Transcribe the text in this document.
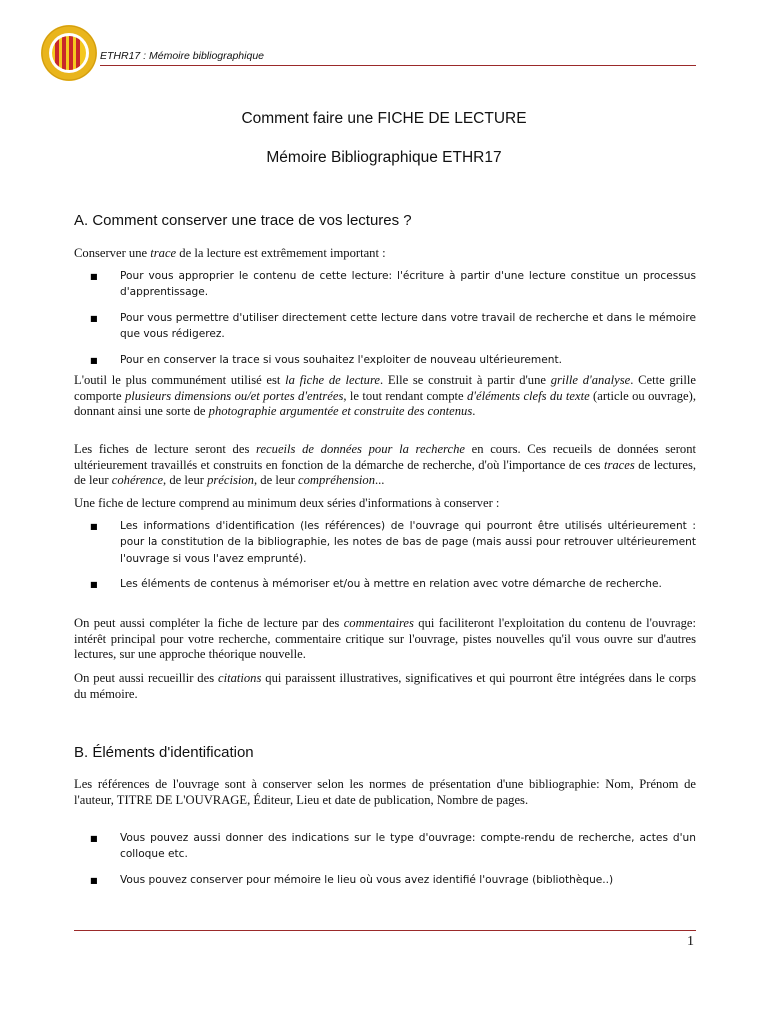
ETHR17 : Mémoire bibliographique
Comment faire une FICHE DE LECTURE
Mémoire Bibliographique ETHR17
A. Comment conserver une trace de vos lectures ?

Conserver une trace de la lecture est extrêmement important :

■ Pour vous approprier le contenu de cette lecture: l'écriture à partir d'une lecture constitue un processus d'apprentissage.
■ Pour vous permettre d'utiliser directement cette lecture dans votre travail de recherche et dans le mémoire que vous rédigerez.
■ Pour en conserver la trace si vous souhaitez l'exploiter de nouveau ultérieurement.

L'outil le plus communément utilisé est la fiche de lecture. Elle se construit à partir d'une grille d'analyse. Cette grille comporte plusieurs dimensions ou/et portes d'entrées, le tout rendant compte d'éléments clefs du texte (article ou ouvrage), donnant ainsi une sorte de photographie argumentée et construite des contenus.

Les fiches de lecture seront des recueils de données pour la recherche en cours. Ces recueils de données seront ultérieurement travaillés et construits en fonction de la démarche de recherche, d'où l'importance de ces traces de lectures, de leur cohérence, de leur précision, de leur compréhension...

Une fiche de lecture comprend au minimum deux séries d'informations à conserver :

■ Les informations d'identification (les références) de l'ouvrage qui pourront être utilisés ultérieurement : pour la constitution de la bibliographie, les notes de bas de page (mais aussi pour retrouver ultérieurement l'ouvrage si vous l'avez emprunté).
■ Les éléments de contenus à mémoriser et/ou à mettre en relation avec votre démarche de recherche.

On peut aussi compléter la fiche de lecture par des commentaires qui faciliteront l'exploitation du contenu de l'ouvrage: intérêt principal pour votre recherche, commentaire critique sur l'ouvrage, pistes nouvelles qu'il vous ouvre sur d'autres lectures, sur une approche théorique nouvelle.

On peut aussi recueillir des citations qui paraissent illustratives, significatives et qui pourront être intégrées dans le corps du mémoire.

B. Éléments d'identification

Les références de l'ouvrage sont à conserver selon les normes de présentation d'une bibliographie: Nom, Prénom de l'auteur, TITRE DE L'OUVRAGE, Éditeur, Lieu et date de publication, Nombre de pages.

■ Vous pouvez aussi donner des indications sur le type d'ouvrage: compte-rendu de recherche, actes d'un colloque etc.
■ Vous pouvez conserver pour mémoire le lieu où vous avez identifié l'ouvrage (bibliothèque..)
1
